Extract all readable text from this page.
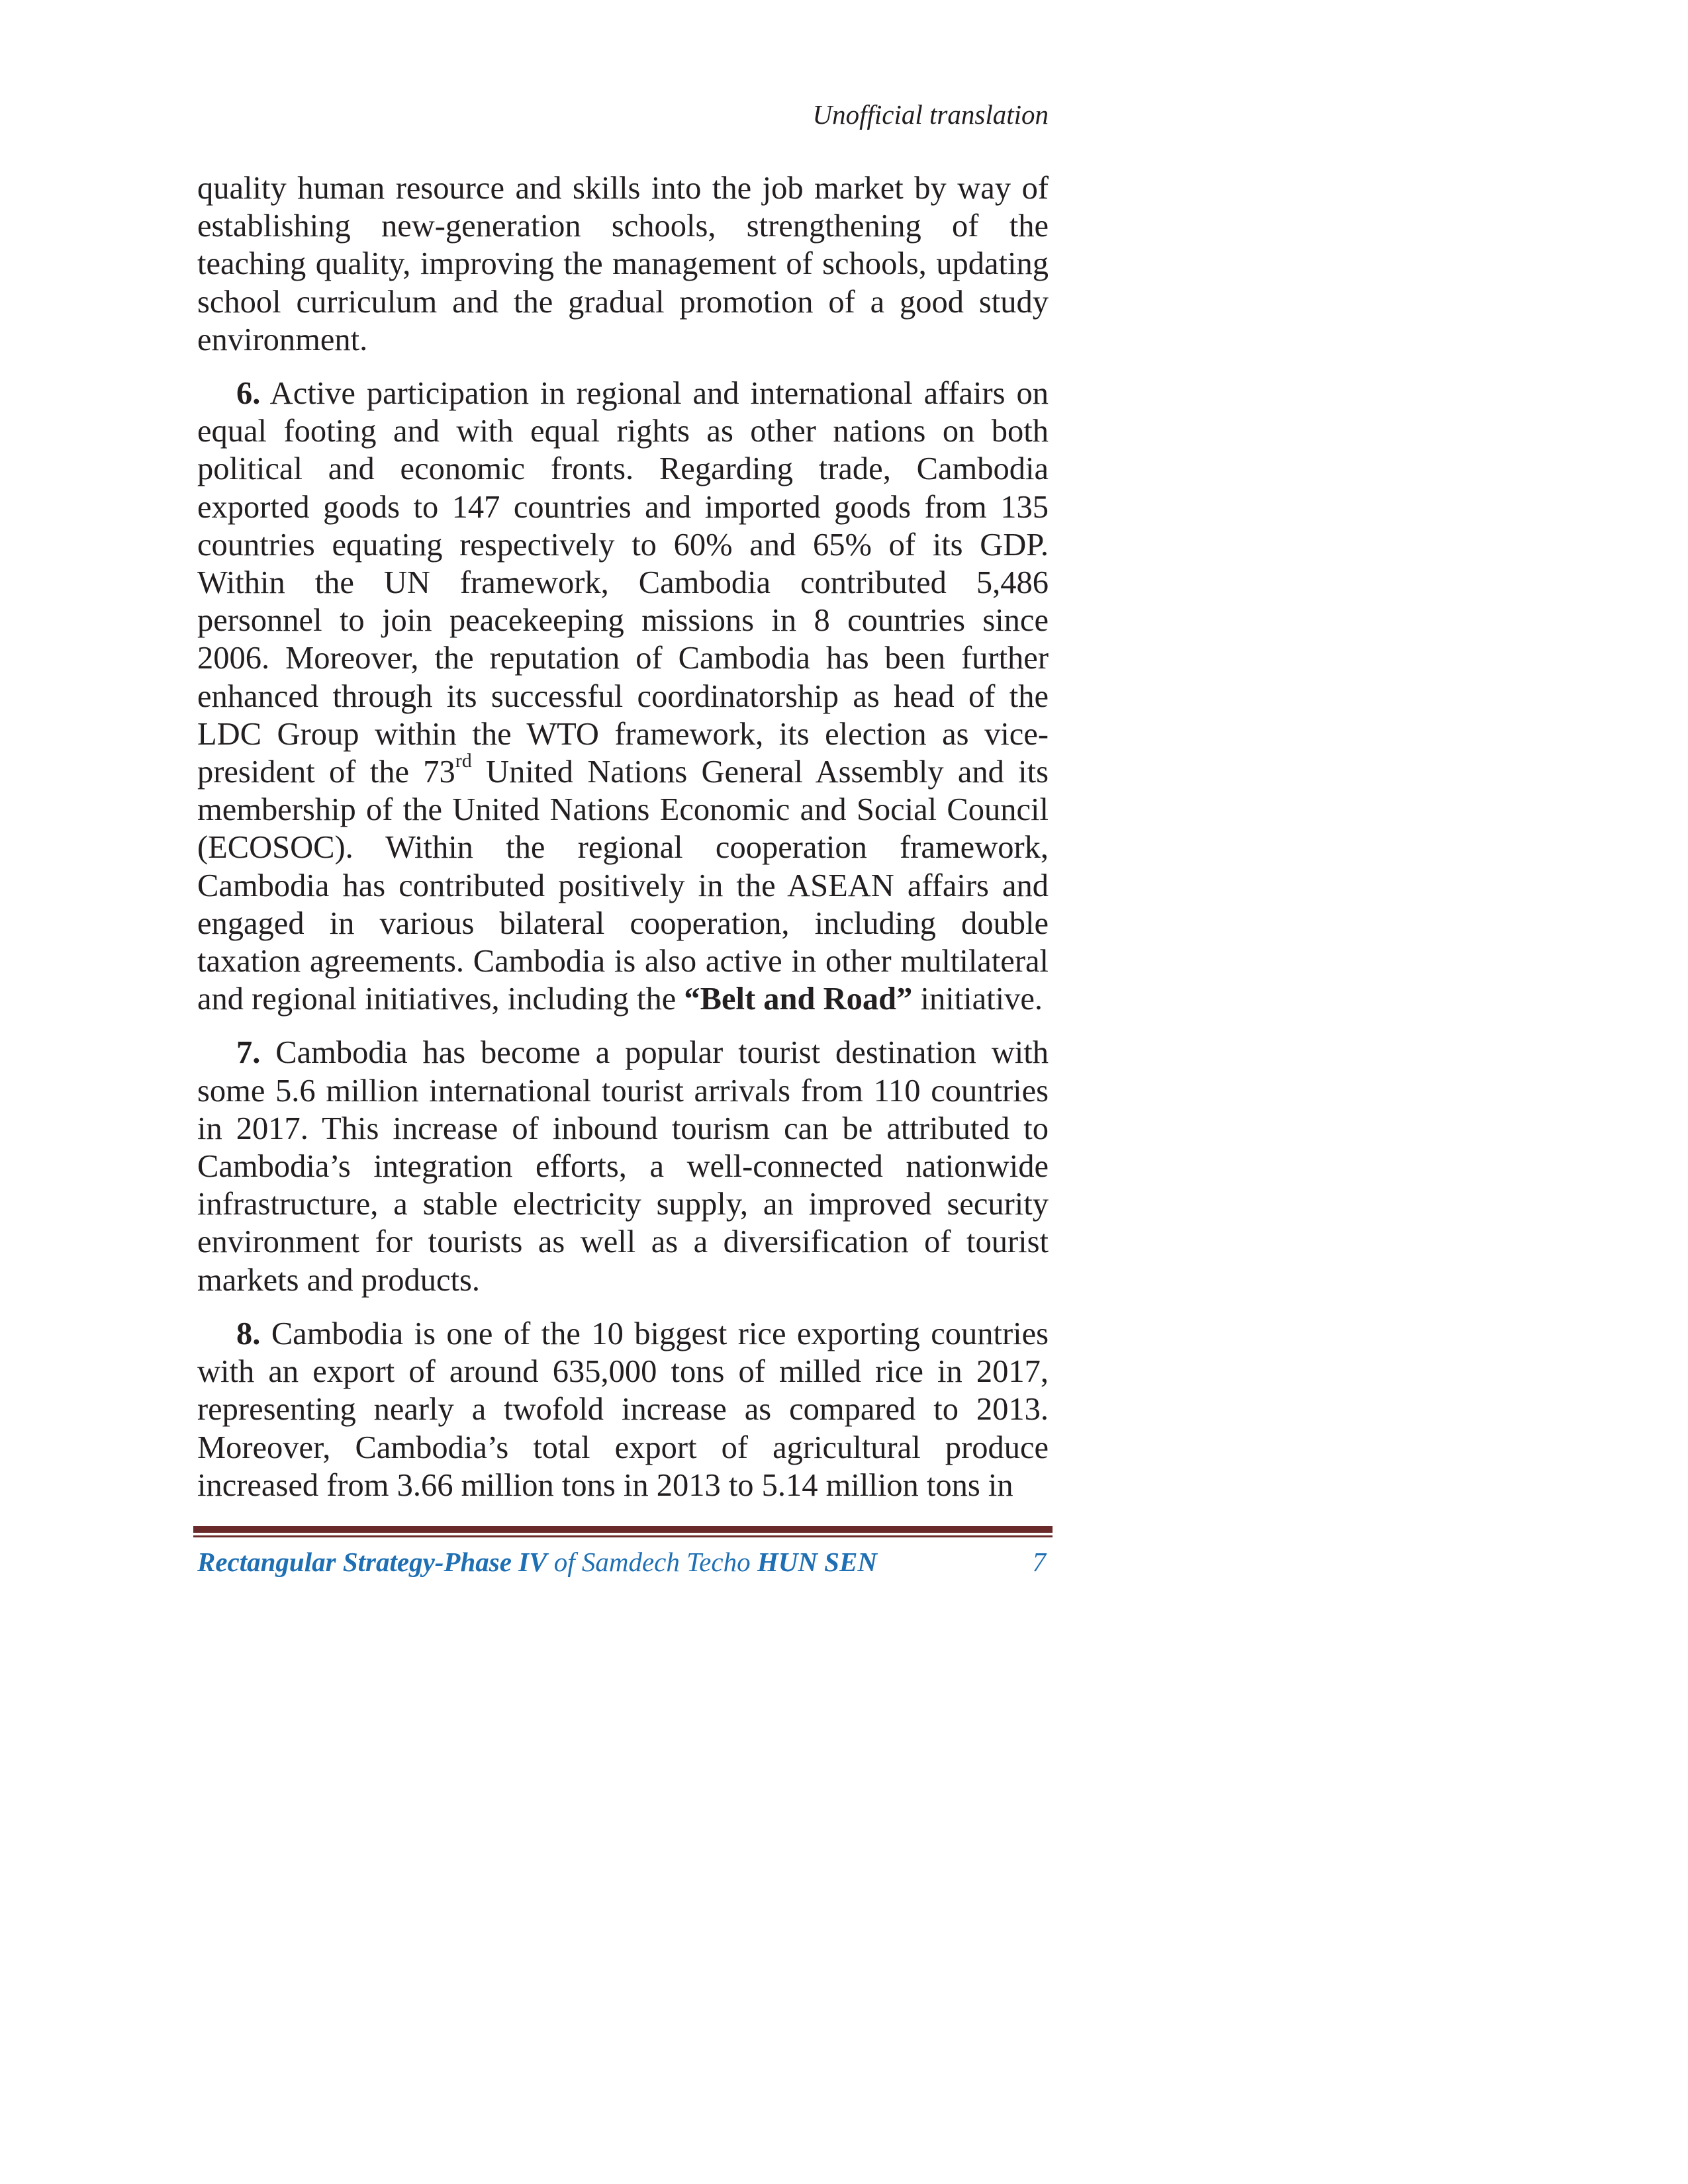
Unofficial translation

quality human resource and skills into the job market by way of establishing new-generation schools, strengthening of the teaching quality, improving the management of schools, updating school curriculum and the gradual promotion of a good study environment.

6. Active participation in regional and international affairs on equal footing and with equal rights as other nations on both political and economic fronts. Regarding trade, Cambodia exported goods to 147 countries and imported goods from 135 countries equating respectively to 60% and 65% of its GDP. Within the UN framework, Cambodia contributed 5,486 personnel to join peacekeeping missions in 8 countries since 2006. Moreover, the reputation of Cambodia has been further enhanced through its successful coordinatorship as head of the LDC Group within the WTO framework, its election as vice-president of the 73rd United Nations General Assembly and its membership of the United Nations Economic and Social Council (ECOSOC). Within the regional cooperation framework, Cambodia has contributed positively in the ASEAN affairs and engaged in various bilateral cooperation, including double taxation agreements. Cambodia is also active in other multilateral and regional initiatives, including the “Belt and Road” initiative.

7. Cambodia has become a popular tourist destination with some 5.6 million international tourist arrivals from 110 countries in 2017. This increase of inbound tourism can be attributed to Cambodia’s integration efforts, a well-connected nationwide infrastructure, a stable electricity supply, an improved security environment for tourists as well as a diversification of tourist markets and products.

8. Cambodia is one of the 10 biggest rice exporting countries with an export of around 635,000 tons of milled rice in 2017, representing nearly a twofold increase as compared to 2013. Moreover, Cambodia’s total export of agricultural produce increased from 3.66 million tons in 2013 to 5.14 million tons in

Rectangular Strategy-Phase IV of Samdech Techo HUN SEN	7
